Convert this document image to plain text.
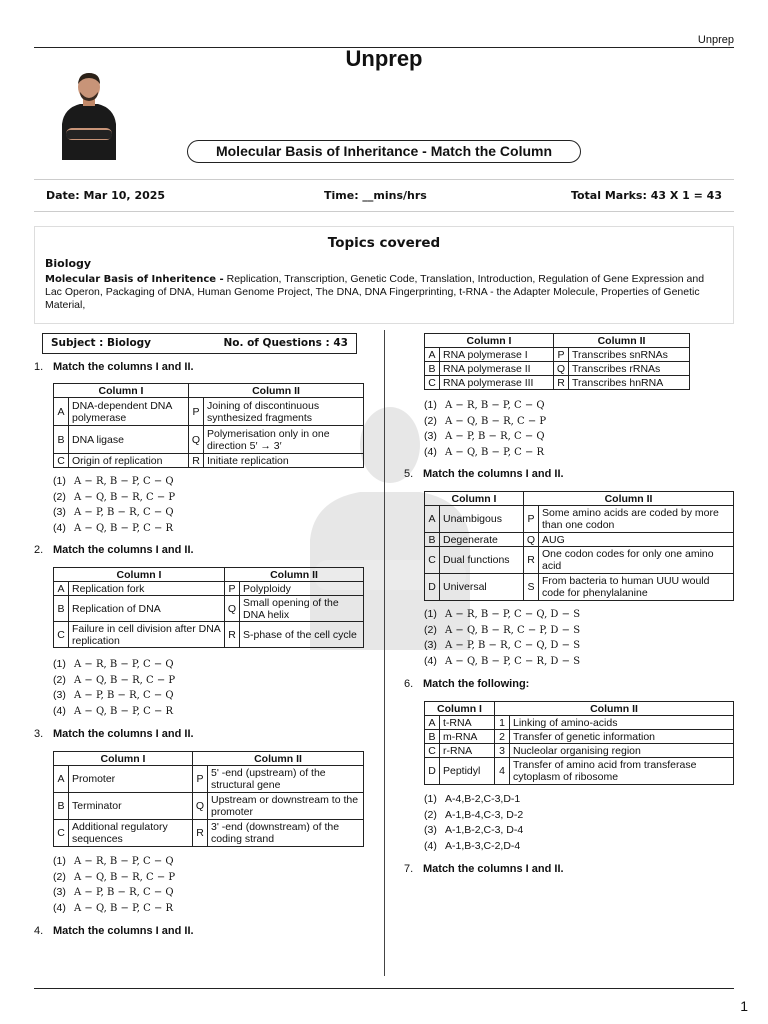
Unprep
Unprep
Molecular Basis of Inheritance - Match the Column
Date: Mar 10, 2025	Time: __mins/hrs	Total Marks: 43 X 1 = 43
Topics covered
Biology
Molecular Basis of Inheritence - Replication, Transcription, Genetic Code, Translation, Introduction, Regulation of Gene Expression and Lac Operon, Packaging of DNA, Human Genome Project, The DNA, DNA Fingerprinting, t-RNA - the Adapter Molecule, Properties of Genetic Material,
Subject : Biology	No. of Questions : 43
1. Match the columns I and II.
Column I		Column II	
A	DNA-dependent DNA polymerase	P	Joining of discontinuous synthesized fragments
B	DNA ligase	Q	Polymerisation only in one direction 5′ → 3′
C	Origin of replication	R	Initiate replication
(1) A − R, B − P, C − Q
(2) A − Q, B − R, C − P
(3) A − P, B − R, C − Q
(4) A − Q, B − P, C − R
2. Match the columns I and II.
Column I		Column II	
A	Replication fork	P	Polyploidy
B	Replication of DNA	Q	Small opening of the DNA helix
C	Failure in cell division after DNA replication	R	S-phase of the cell cycle
(1) A − R, B − P, C − Q
(2) A − Q, B − R, C − P
(3) A − P, B − R, C − Q
(4) A − Q, B − P, C − R
3. Match the columns I and II.
Column I		Column II	
A	Promoter	P	5' -end (upstream) of the structural gene
B	Terminator	Q	Upstream or downstream to the promoter
C	Additional regulatory sequences	R	3' -end (downstream) of the coding strand
(1) A − R, B − P, C − Q
(2) A − Q, B − R, C − P
(3) A − P, B − R, C − Q
(4) A − Q, B − P, C − R
4. Match the columns I and II.
Column I		Column II	
A	RNA polymerase I	P	Transcribes snRNAs
B	RNA polymerase II	Q	Transcribes rRNAs
C	RNA polymerase III	R	Transcribes hnRNA
(1) A − R, B − P, C − Q
(2) A − Q, B − R, C − P
(3) A − P, B − R, C − Q
(4) A − Q, B − P, C − R
5. Match the columns I and II.
Column I		Column II	
A	Unambigous	P	Some amino acids are coded by more than one codon
B	Degenerate	Q	AUG
C	Dual functions	R	One codon codes for only one amino acid
D	Universal	S	From bacteria to human UUU would code for phenylalanine
(1) A − R, B − P, C − Q, D − S
(2) A − Q, B − R, C − P, D − S
(3) A − P, B − R, C − Q, D − S
(4) A − Q, B − P, C − R, D − S
6. Match the following:
Column I		Column II	
A	t-RNA	1	Linking of amino-acids
B	m-RNA	2	Transfer of genetic information
C	r-RNA	3	Nucleolar organising region
D	Peptidyl	4	Transfer of amino acid from transferase cytoplasm of ribosome
(1) A-4,B-2,C-3,D-1
(2) A-1,B-4,C-3, D-2
(3) A-1,B-2,C-3, D-4
(4) A-1,B-3,C-2,D-4
7. Match the columns I and II.
1
